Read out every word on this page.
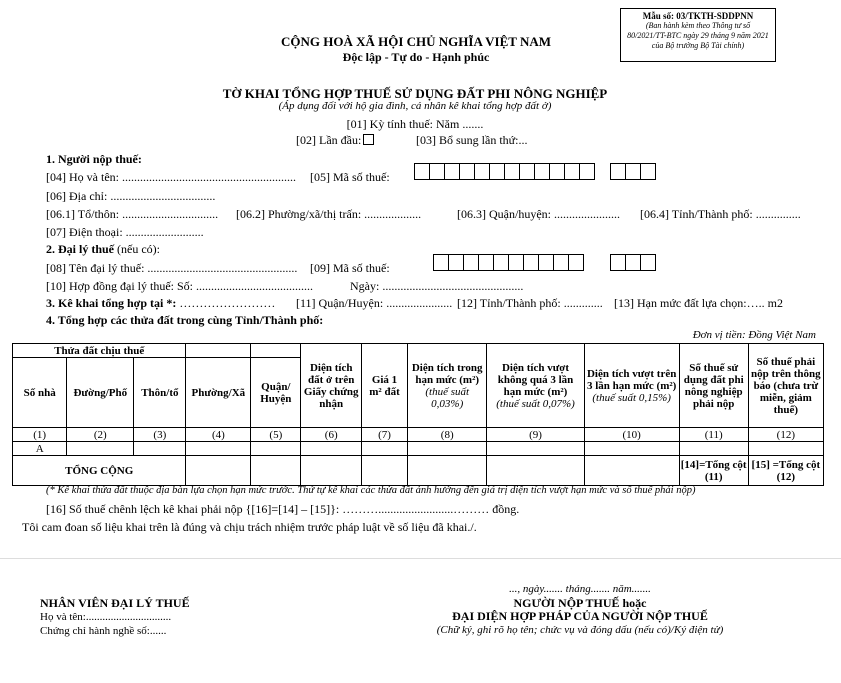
Mẫu số: 03/TKTH-SDDPNN
(Ban hành kèm theo Thông tư số
80/2021/TT-BTC ngày 29 tháng 9 năm 2021
của Bộ trưởng Bộ Tài chính)
CỘNG HOÀ XÃ HỘI CHỦ NGHĨA VIỆT NAM
Độc lập - Tự do - Hạnh phúc
TỜ KHAI TỔNG HỢP THUẾ SỬ DỤNG ĐẤT PHI NÔNG NGHIỆP
(Áp dụng đối với hộ gia đình, cá nhân kê khai tổng hợp đất ở)
[01] Kỳ tính thuế: Năm .......
[02] Lần đầu:	[03] Bổ sung lần thứ:...
1. Người nộp thuế:
[04] Họ và tên: .......................................................... [05] Mã số thuế:
[06] Địa chỉ: ...................................
[06.1] Tổ/thôn: ................................ [06.2] Phường/xã/thị trấn: ...................	[06.3] Quận/huyện: ...................... [06.4] Tỉnh/Thành phố: ...............
[07] Điện thoại: ..........................
2. Đại lý thuế (nếu có):
[08] Tên đại lý thuế: .................................................. [09] Mã số thuế:
[10] Hợp đồng đại lý thuế: Số: .......................................	Ngày: ...............................................
3. Kê khai tổng hợp tại *: …………………… [11] Quận/Huyện: ...................... [12] Tỉnh/Thành phố: ............. [13] Hạn mức đất lựa chọn:….. m2
4. Tổng hợp các thửa đất trong cùng Tỉnh/Thành phố:
Đơn vị tiền: Đồng Việt Nam
Thửa đất chịu thuế					Diện tích đất ở trên Giấy chứng nhận	Giá 1
m² đất	Diện tích trong hạn mức (m²)
(thuế suất 0,03%)	Diện tích vượt không quá 3 lần hạn mức (m²)
(thuế suất 0,07%)	Diện tích vượt trên 3 lần hạn mức (m²)
(thuế suất 0,15%)	Số thuế sử dụng đất phi nông nghiệp phải nộp	Số thuế phải nộp trên thông báo (chưa trừ miễn, giảm thuế)
Số nhà	Đường/Phố	Thôn/tổ	Phường/Xã	Quận/ Huyện							
(1)	(2)	(3)	(4)	(5)	(6)	(7)	(8)	(9)	(10)	(11)	(12)
A											
TỔNG CỘNG										[14]=Tổng cột (11)	[15] =Tổng cột (12)
(* Kê khai thửa đất thuộc địa bàn lựa chọn hạn mức trước. Thứ tự kê khai các thửa đất ảnh hưởng đến giá trị diện tích vượt hạn mức và số thuế phải nộp)
[16] Số thuế chênh lệch kê khai phải nộp {[16]=[14] – [15]}: ……….........................……… đồng.
Tôi cam đoan số liệu khai trên là đúng và chịu trách nhiệm trước pháp luật về số liệu đã khai./.
NHÂN VIÊN ĐẠI LÝ THUẾ
Họ và tên:...............................
Chứng chỉ hành nghề số:......
..., ngày....... tháng....... năm.......
NGƯỜI NỘP THUẾ hoặc
ĐẠI DIỆN HỢP PHÁP CỦA NGƯỜI NỘP THUẾ
(Chữ ký, ghi rõ họ tên; chức vụ và đóng dấu (nếu có)/Ký điện tử)
